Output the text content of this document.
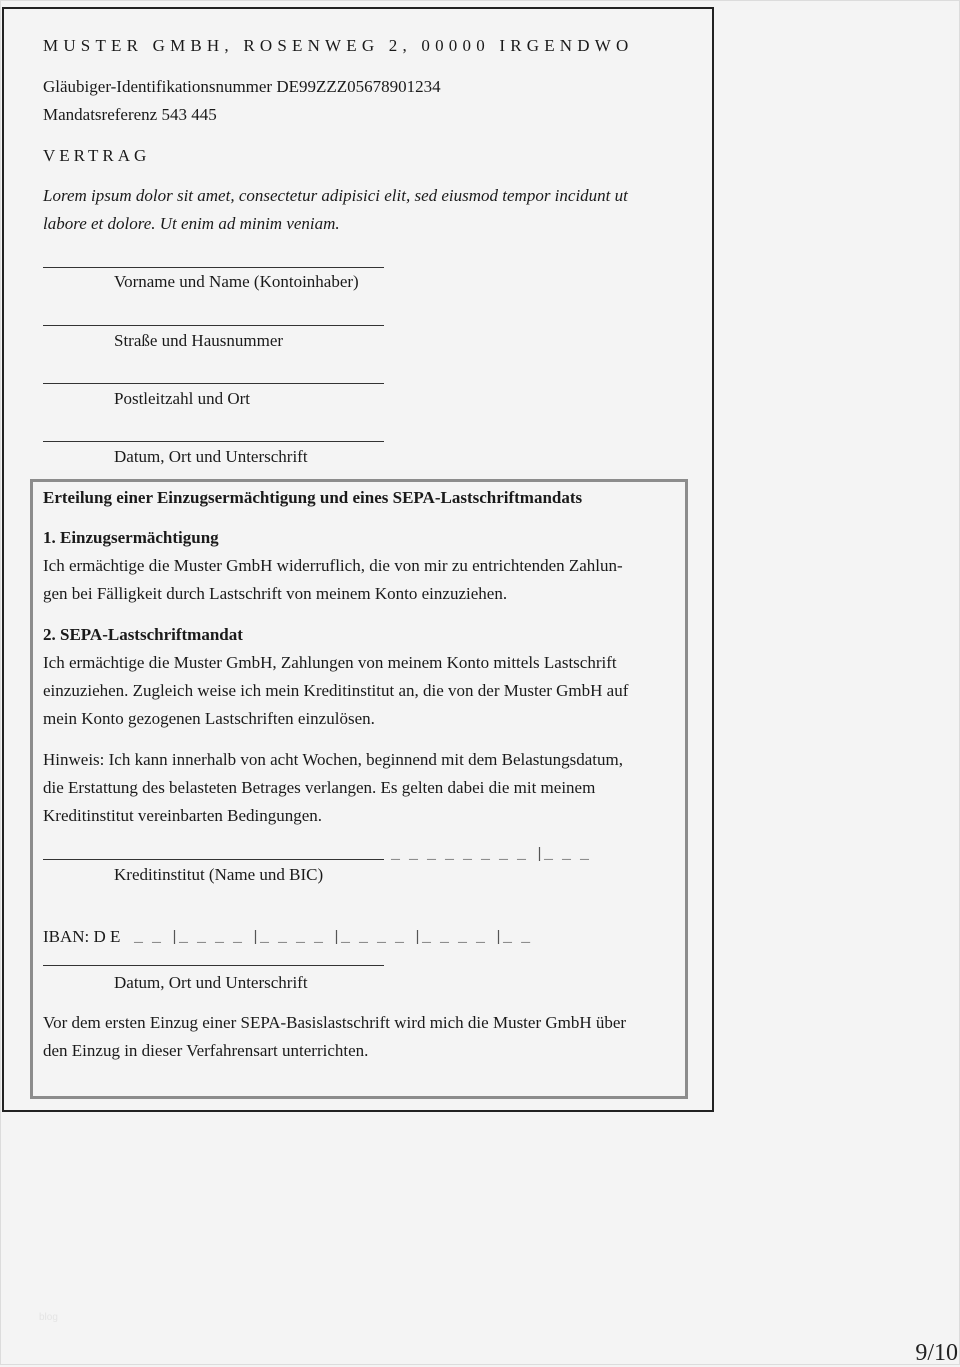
MUSTER GMBH, ROSENWEG 2, 00000 IRGENDWO
Gläubiger-Identifikationsnummer DE99ZZZ05678901234
Mandatsreferenz 543 445
VERTRAG
Lorem ipsum dolor sit amet, consectetur adipisici elit, sed eiusmod tempor incidunt ut
labore et dolore. Ut enim ad minim veniam.
Vorname und Name (Kontoinhaber)
Straße und Hausnummer
Postleitzahl und Ort
Datum, Ort und Unterschrift
Erteilung einer Einzugsermächtigung und eines SEPA-Lastschriftmandats
1. Einzugsermächtigung
Ich ermächtige die Muster GmbH widerruflich, die von mir zu entrichtenden Zahlun-
gen bei Fälligkeit durch Lastschrift von meinem Konto einzuziehen.
2. SEPA-Lastschriftmandat
Ich ermächtige die Muster GmbH, Zahlungen von meinem Konto mittels Lastschrift
einzuziehen. Zugleich weise ich mein Kreditinstitut an, die von der Muster GmbH auf
mein Konto gezogenen Lastschriften einzulösen.
Hinweis: Ich kann innerhalb von acht Wochen, beginnend mit dem Belastungsdatum,
die Erstattung des belasteten Betrages verlangen. Es gelten dabei die mit meinem
Kreditinstitut vereinbarten Bedingungen.
_ _ _ _ _ _ _ _ |_ _ _
Kreditinstitut (Name und BIC)
IBAN: D E _ _ |_ _ _ _ |_ _ _ _ |_ _ _ _ |_ _ _ _ |_ _
Datum, Ort und Unterschrift
Vor dem ersten Einzug einer SEPA-Basislastschrift wird mich die Muster GmbH über
den Einzug in dieser Verfahrensart unterrichten.
blog
9/10
